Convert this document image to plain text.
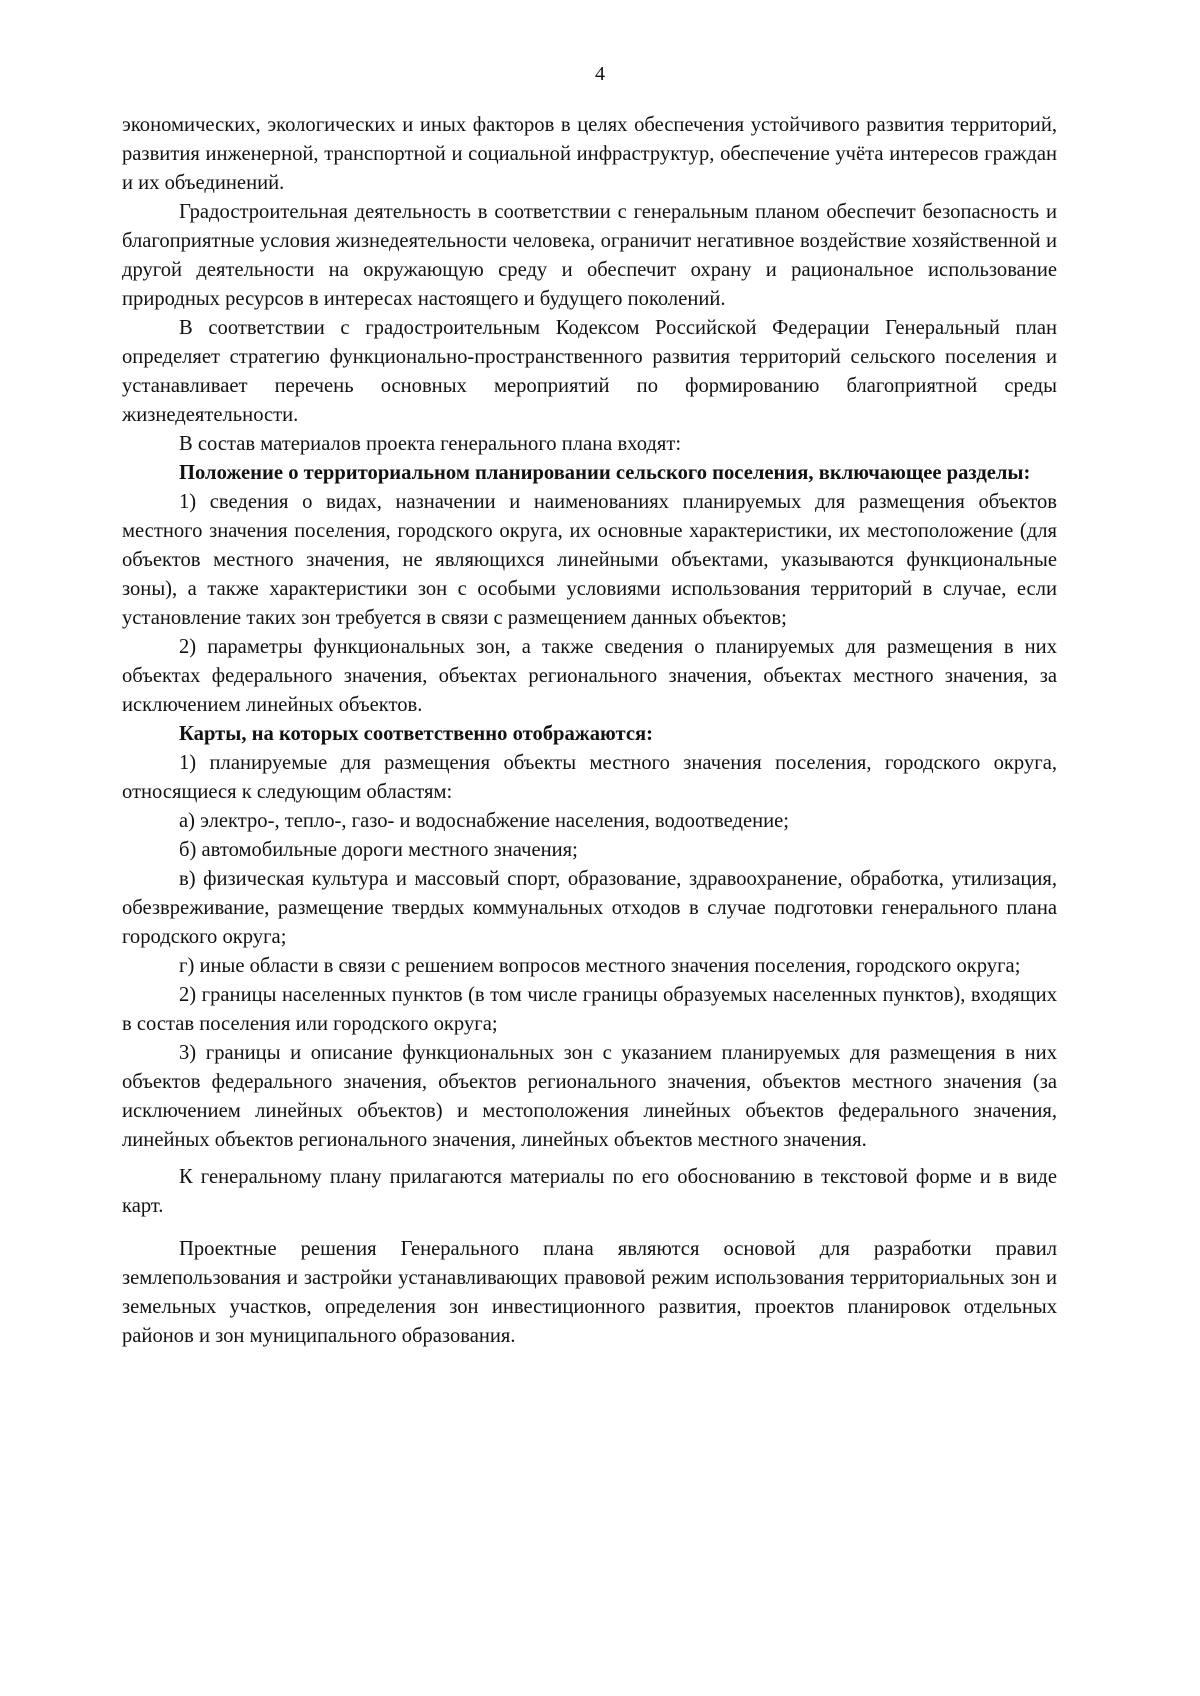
4

экономических, экологических и иных факторов в целях обеспечения устойчивого развития территорий, развития инженерной, транспортной и социальной инфраструктур, обеспечение учёта интересов граждан и их объединений.

Градостроительная деятельность в соответствии с генеральным планом обеспечит безопасность и благоприятные условия жизнедеятельности человека, ограничит негативное воздействие хозяйственной и другой деятельности на окружающую среду и обеспечит охрану и рациональное использование природных ресурсов в интересах настоящего и будущего поколений.

В соответствии с градостроительным Кодексом Российской Федерации Генеральный план определяет стратегию функционально-пространственного развития территорий сельского поселения и устанавливает перечень основных мероприятий по формированию благоприятной среды жизнедеятельности.

В состав материалов проекта генерального плана входят:

Положение о территориальном планировании сельского поселения, включающее разделы:

1) сведения о видах, назначении и наименованиях планируемых для размещения объектов местного значения поселения, городского округа, их основные характеристики, их местоположение (для объектов местного значения, не являющихся линейными объектами, указываются функциональные зоны), а также характеристики зон с особыми условиями использования территорий в случае, если установление таких зон требуется в связи с размещением данных объектов;

2) параметры функциональных зон, а также сведения о планируемых для размещения в них объектах федерального значения, объектах регионального значения, объектах местного значения, за исключением линейных объектов.

Карты, на которых соответственно отображаются:

1) планируемые для размещения объекты местного значения поселения, городского округа, относящиеся к следующим областям:

а) электро-, тепло-, газо- и водоснабжение населения, водоотведение;

б) автомобильные дороги местного значения;

в) физическая культура и массовый спорт, образование, здравоохранение, обработка, утилизация, обезвреживание, размещение твердых коммунальных отходов в случае подготовки генерального плана городского округа;

г) иные области в связи с решением вопросов местного значения поселения, городского округа;

2) границы населенных пунктов (в том числе границы образуемых населенных пунктов), входящих в состав поселения или городского округа;

3) границы и описание функциональных зон с указанием планируемых для размещения в них объектов федерального значения, объектов регионального значения, объектов местного значения (за исключением линейных объектов) и местоположения линейных объектов федерального значения, линейных объектов регионального значения, линейных объектов местного значения.

К генеральному плану прилагаются материалы по его обоснованию в текстовой форме и в виде карт.

Проектные решения Генерального плана являются основой для разработки правил землепользования и застройки устанавливающих правовой режим использования территориальных зон и земельных участков, определения зон инвестиционного развития, проектов планировок отдельных районов и зон муниципального образования.
